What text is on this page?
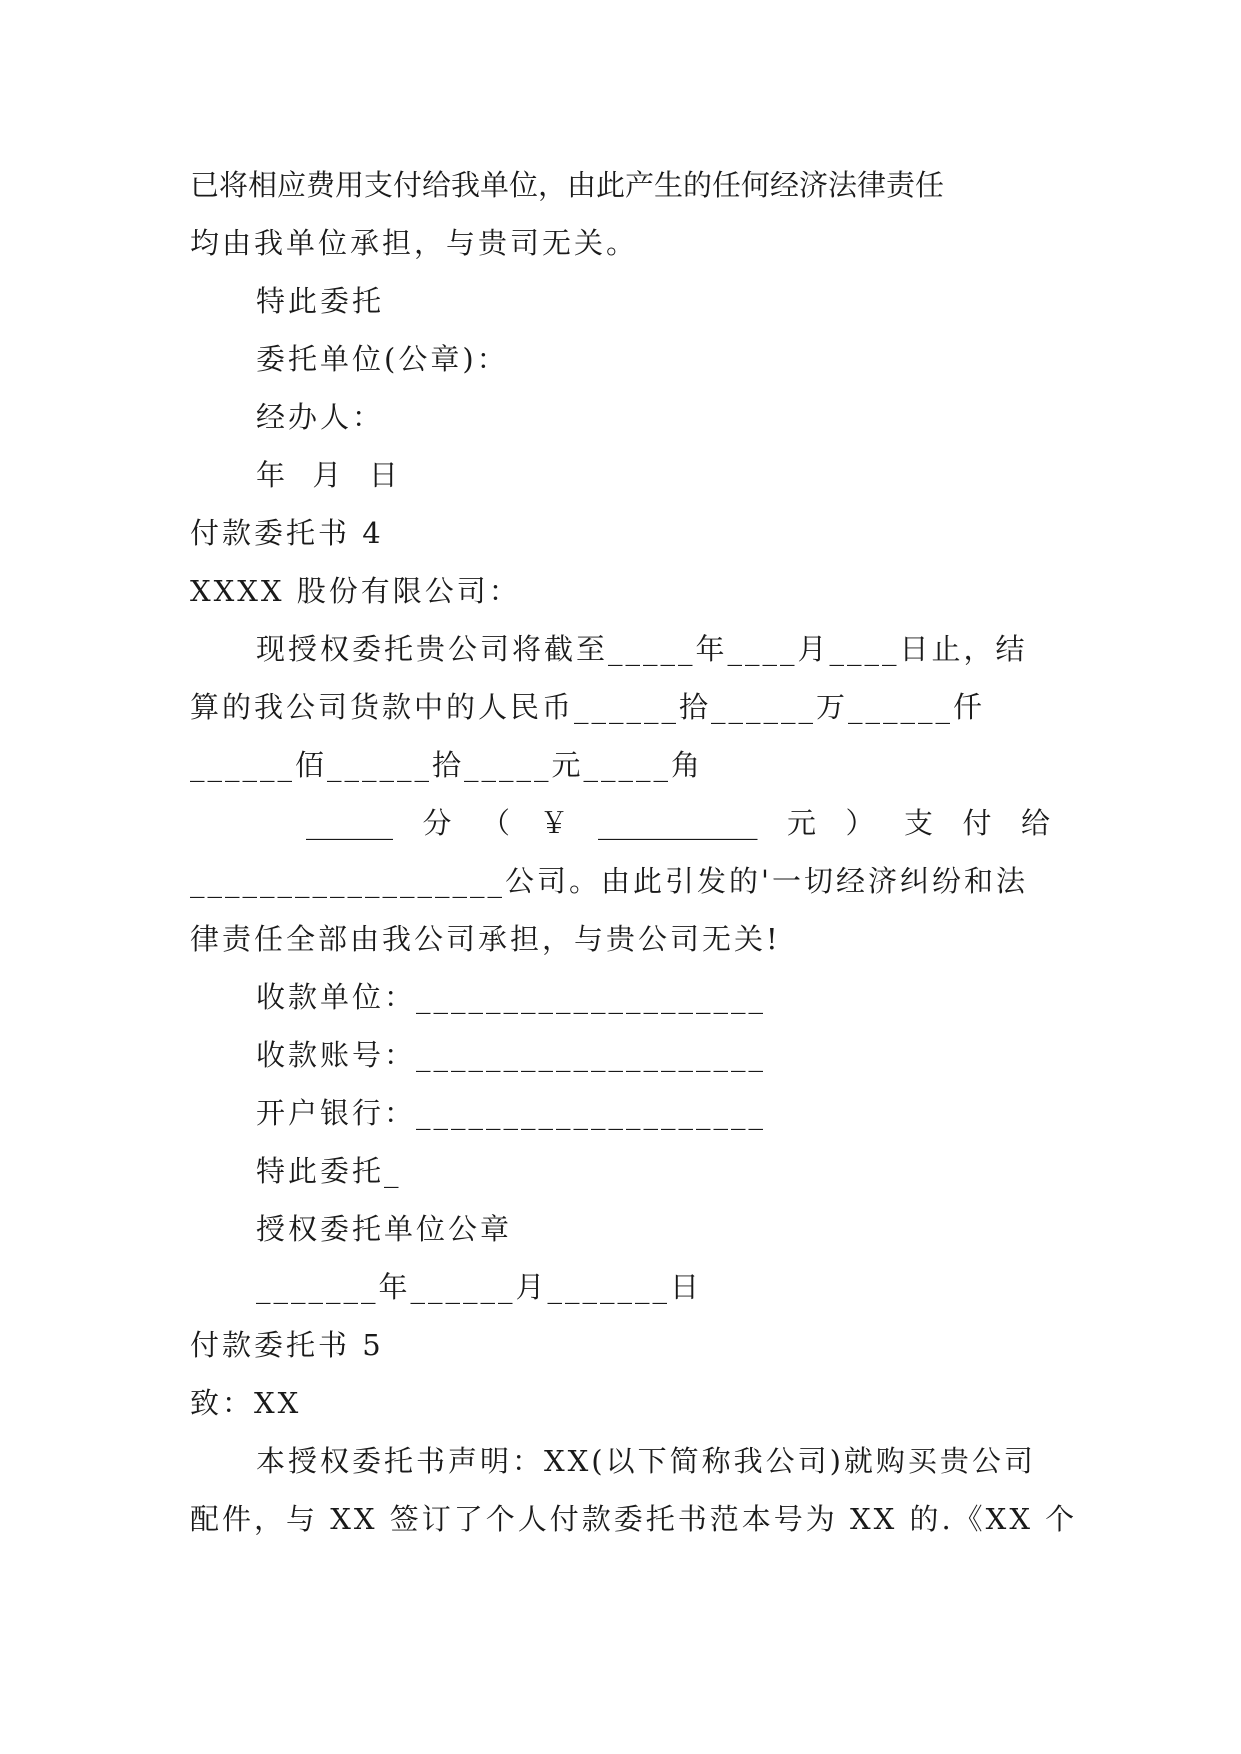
已将相应费用支付给我单位，由此产生的任何经济法律责任
均由我单位承担，与贵司无关。
特此委托
委托单位(公章)：
经办人：
年  月  日
付款委托书 4
XXXX 股份有限公司：
现授权委托贵公司将截至_____年____月____日止，结
算的我公司货款中的人民币______拾______万______仟
______佰______拾_____元_____角
______ 分 （ ￥ ___________ 元 ） 支 付 给
__________________公司。由此引发的'一切经济纠纷和法
律责任全部由我公司承担，与贵公司无关!
收款单位：____________________
收款账号：____________________
开户银行：____________________
特此委托_
授权委托单位公章
_______年______月_______日
付款委托书 5
致：XX
本授权委托书声明：XX(以下简称我公司)就购买贵公司
配件，与 XX 签订了个人付款委托书范本号为 XX 的.《XX 个
